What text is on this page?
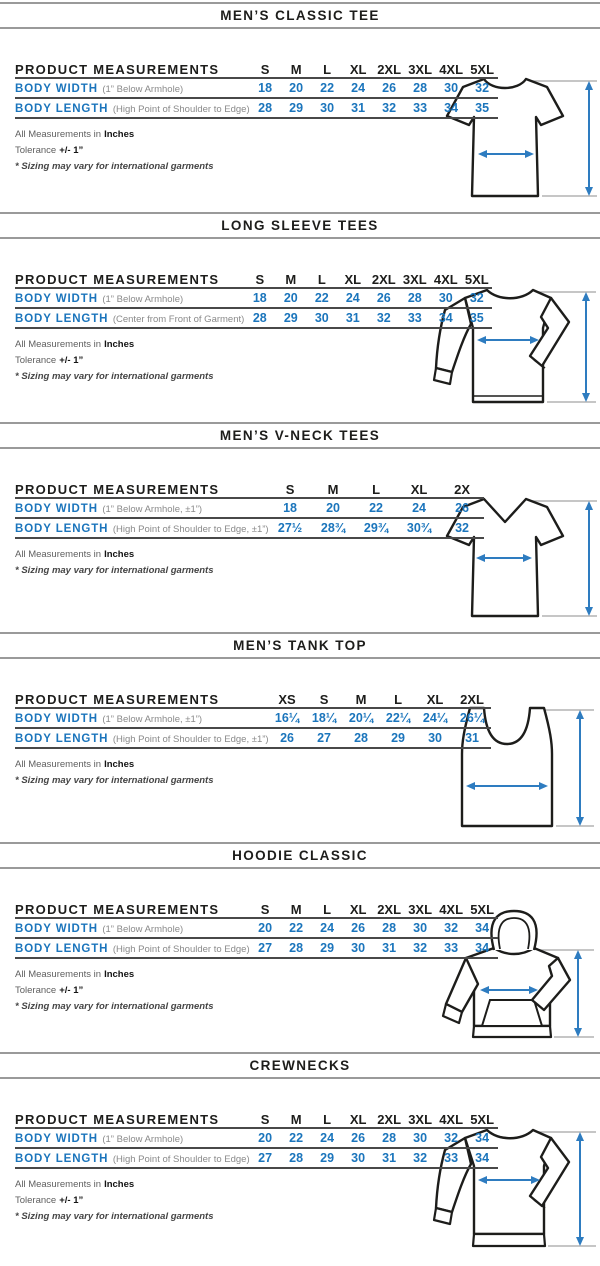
MEN’S CLASSIC TEE
PRODUCT MEASUREMENTS	S	M	L	XL	2XL	3XL	4XL	5XL
BODY WIDTH (1” Below Armhole)	18	20	22	24	26	28	30	32
BODY LENGTH (High Point of Shoulder to Edge)	28	29	30	31	32	33	34	35

All Measurements in Inches

Tolerance +/- 1”

* Sizing may vary for international garments

LONG SLEEVE TEES
PRODUCT MEASUREMENTS	S	M	L	XL	2XL	3XL	4XL	5XL
BODY WIDTH (1” Below Armhole)	18	20	22	24	26	28	30	32
BODY LENGTH (Center from Front of Garment)	28	29	30	31	32	33	34	35

All Measurements in Inches

Tolerance +/- 1”

* Sizing may vary for international garments

MEN’S V-NECK TEES
PRODUCT MEASUREMENTS	S	M	L	XL	2X
BODY WIDTH (1” Below Armhole, ±1”)	18	20	22	24	26
BODY LENGTH (High Point of Shoulder to Edge, ±1”)	27½	28¾	29¾	30¾	32

All Measurements in Inches

* Sizing may vary for international garments

MEN’S TANK TOP
PRODUCT MEASUREMENTS	XS	S	M	L	XL	2XL
BODY WIDTH (1” Below Armhole, ±1”)	16¼	18¼	20¼	22¼	24¼	26¼
BODY LENGTH (High Point of Shoulder to Edge, ±1”)	26	27	28	29	30	31

All Measurements in Inches

* Sizing may vary for international garments

HOODIE CLASSIC
PRODUCT MEASUREMENTS	S	M	L	XL	2XL	3XL	4XL	5XL
BODY WIDTH (1” Below Armhole)	20	22	24	26	28	30	32	34
BODY LENGTH (High Point of Shoulder to Edge)	27	28	29	30	31	32	33	34

All Measurements in Inches

Tolerance +/- 1”

* Sizing may vary for international garments

CREWNECKS
PRODUCT MEASUREMENTS	S	M	L	XL	2XL	3XL	4XL	5XL
BODY WIDTH (1” Below Armhole)	20	22	24	26	28	30	32	34
BODY LENGTH (High Point of Shoulder to Edge)	27	28	29	30	31	32	33	34

All Measurements in Inches

Tolerance +/- 1”

* Sizing may vary for international garments
